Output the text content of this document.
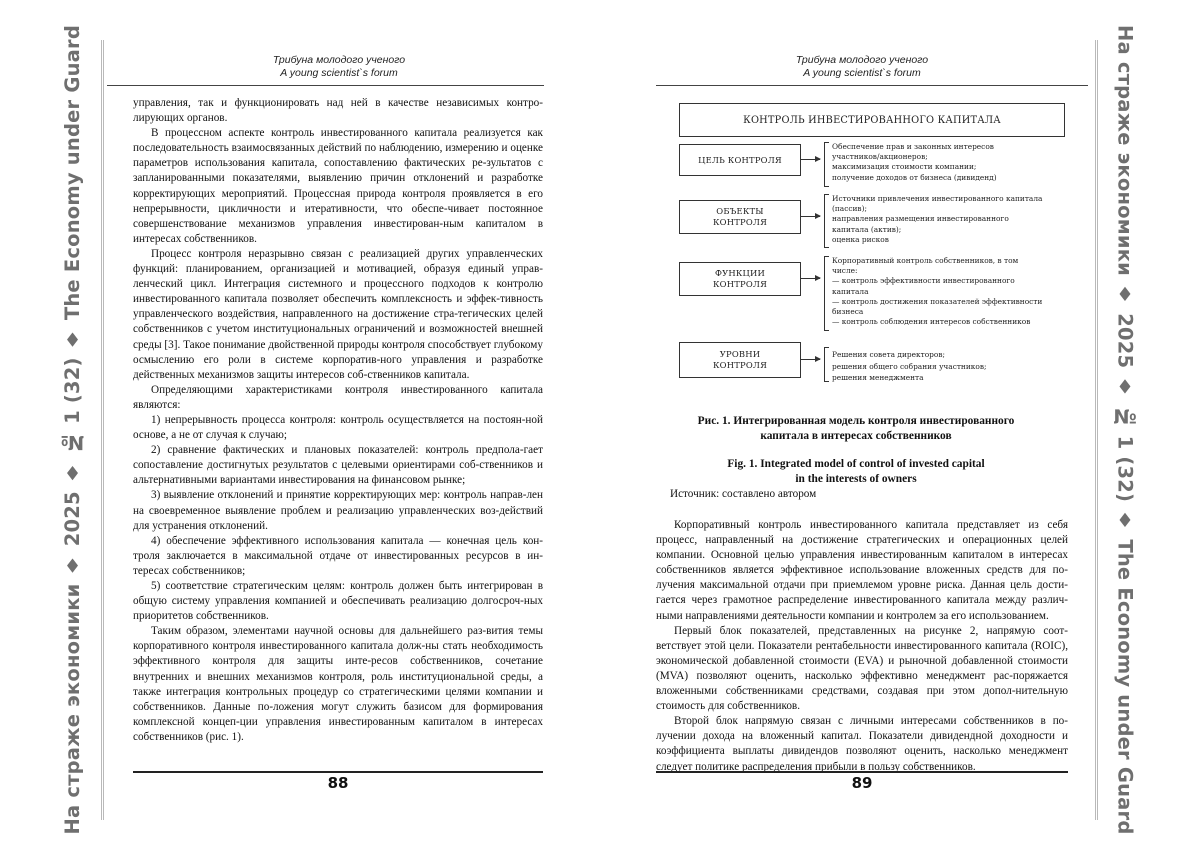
На страже экономики ♦ 2025 ♦ № 1 (32) ♦ The Economy under Guard	На страже экономики ♦ 2025 ♦ № 1 (32) ♦ The Economy under Guard
Трибуна молодого ученого
A young scientist`s forum

управления, так и функционировать над ней в качестве независимых контро-лирующих органов.

В процессном аспекте контроль инвестированного капитала реализуется как последовательность взаимосвязанных действий по наблюдению, измерению и оценке параметров использования капитала, сопоставлению фактических ре-зультатов с запланированными показателями, выявлению причин отклонений и разработке корректирующих мероприятий. Процессная природа контроля проявляется в его непрерывности, цикличности и итеративности, что обеспе-чивает постоянное совершенствование механизмов управления инвестирован-ным капиталом в интересах собственников.

Процесс контроля неразрывно связан с реализацией других управленческих функций: планированием, организацией и мотивацией, образуя единый управ-ленческий цикл. Интеграция системного и процессного подходов к контролю инвестированного капитала позволяет обеспечить комплексность и эффек-тивность управленческого воздействия, направленного на достижение стра-тегических целей собственников с учетом институциональных ограничений и возможностей внешней среды [3]. Такое понимание двойственной природы контроля способствует глубокому осмыслению его роли в системе корпоратив-ного управления и разработке действенных механизмов защиты интересов соб-ственников капитала.

Определяющими характеристиками контроля инвестированного капитала являются:

1) непрерывность процесса контроля: контроль осуществляется на постоян-ной основе, а не от случая к случаю;

2) сравнение фактических и плановых показателей: контроль предпола-гает сопоставление достигнутых результатов с целевыми ориентирами соб-ственников и альтернативными вариантами инвестирования на финансовом рынке;

3) выявление отклонений и принятие корректирующих мер: контроль направ-лен на своевременное выявление проблем и реализацию управленческих воз-действий для устранения отклонений.

4) обеспечение эффективного использования капитала — конечная цель кон-троля заключается в максимальной отдаче от инвестированных ресурсов в ин-тересах собственников;

5) соответствие стратегическим целям: контроль должен быть интегрирован в общую систему управления компанией и обеспечивать реализацию долгосроч-ных приоритетов собственников.

Таким образом, элементами научной основы для дальнейшего раз-вития темы корпоративного контроля инвестированного капитала долж-ны стать необходимость эффективного контроля для защиты инте-ресов собственников, сочетание внутренних и внешних механизмов контроля, роль институциональной среды, а также интеграция контрольных процедур со стратегическими целями компании и собственников. Данные по-ложения могут служить базисом для формирования комплексной концеп-ции управления инвестированным капиталом в интересах собственников (рис. 1).

88
Трибуна молодого ученого
A young scientist`s forum
КОНТРОЛЬ ИНВЕСТИРОВАННОГО КАПИТАЛА
ЦЕЛЬ КОНТРОЛЯ
Обеспечение прав и законных интересов
участников/акционеров;
максимизация стоимости компании;
получение доходов от бизнеса (дивиденд)
ОБЪЕКТЫ
КОНТРОЛЯ
Источники привлечения инвестированного капитала
(пассив);
направления размещения инвестированного
капитала (актив);
оценка рисков
ФУНКЦИИ
КОНТРОЛЯ
Корпоративный контроль собственников, в том
числе:
— контроль эффективности инвестированного
капитала
— контроль достижения показателей эффективности
бизнеса
— контроль соблюдения интересов собственников
УРОВНИ
КОНТРОЛЯ
Решения совета директоров;
решения общего собрания участников;
решения менеджмента
Рис. 1. Интегрированная модель контроля инвестированного
капитала в интересах собственников
Fig. 1. Integrated model of control of invested capital
in the interests of owners
Источник: составлено автором

Корпоративный контроль инвестированного капитала представляет из себя процесс, направленный на достижение стратегических и операционных целей компании. Основной целью управления инвестированным капиталом в интересах собственников является эффективное использование вложенных средств для по-лучения максимальной отдачи при приемлемом уровне риска. Данная цель дости-гается через грамотное распределение инвестированного капитала между различ-ными направлениями деятельности компании и контролем за его использованием.

Первый блок показателей, представленных на рисунке 2, напрямую соот-ветствует этой цели. Показатели рентабельности инвестированного капитала (ROIC), экономической добавленной стоимости (EVA) и рыночной добавленной стоимости (MVA) позволяют оценить, насколько эффективно менеджмент рас-поряжается вложенными собственниками средствами, создавая при этом допол-нительную стоимость для собственников.

Второй блок напрямую связан с личными интересами собственников в по-лучении дохода на вложенный капитал. Показатели дивидендной доходности и коэффициента выплаты дивидендов позволяют оценить, насколько менеджмент следует политике распределения прибыли в пользу собственников.

89
